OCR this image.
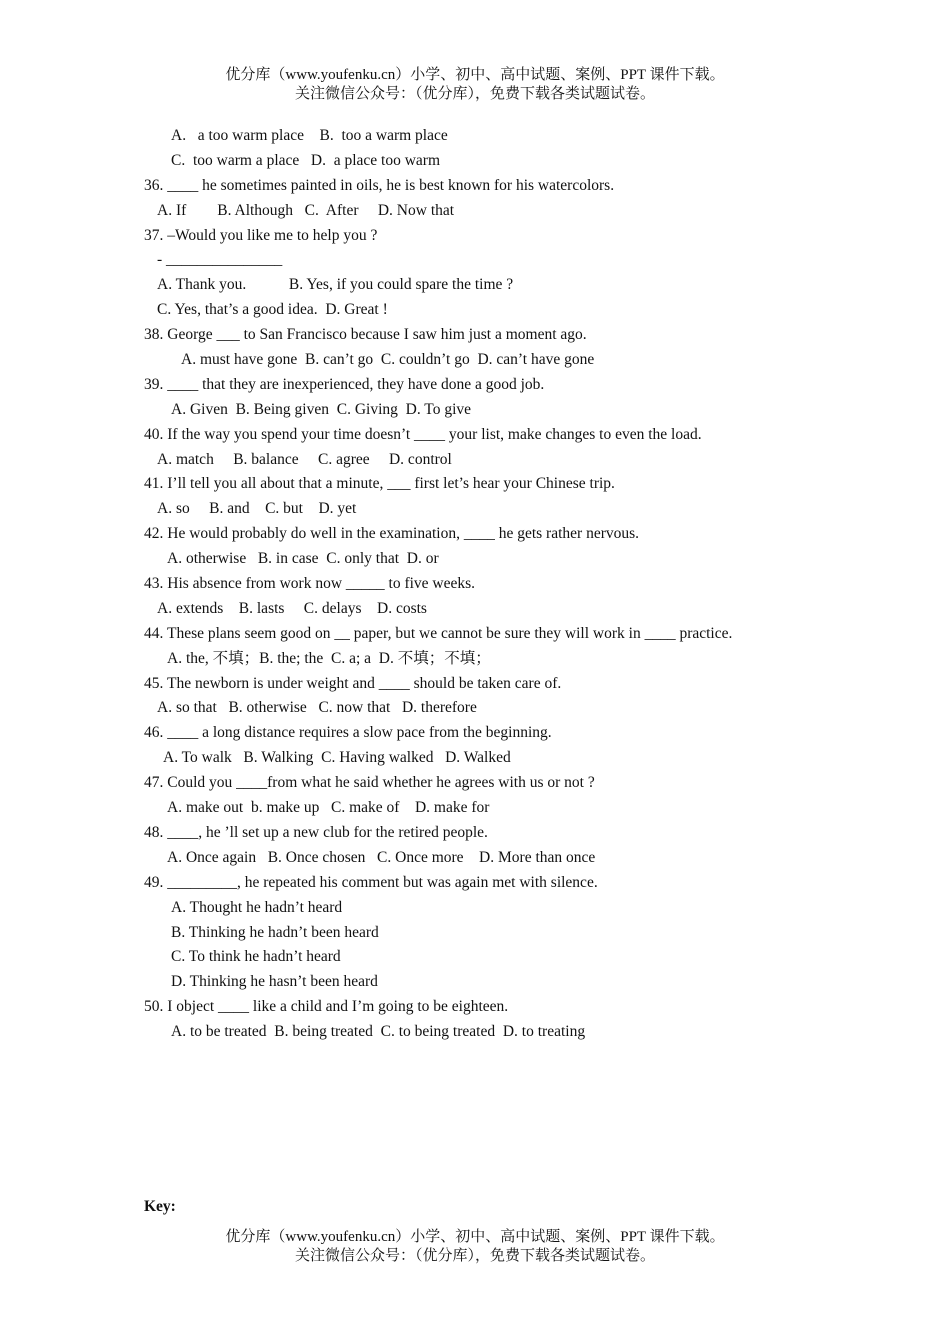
优分库（www.youfenku.cn）小学、初中、高中试题、案例、PPT 课件下载。
关注微信公众号：（优分库），免费下载各类试题试卷。
A.   a too warm place    B.  too a warm place
C.  too warm a place   D.  a place too warm
36. ____ he sometimes painted in oils, he is best known for his watercolors.
A. If        B. Although   C.  After     D. Now that
37. –Would you like me to help you ?
- _______________
A. Thank you.           B. Yes, if you could spare the time ?
C. Yes, that’s a good idea.  D. Great !
38. George ___ to San Francisco because I saw him just a moment ago.
A. must have gone  B. can’t go  C. couldn’t go  D. can’t have gone
39. ____ that they are inexperienced, they have done a good job.
A. Given  B. Being given  C. Giving  D. To give
40. If the way you spend your time doesn’t ____ your list, make changes to even the load.
A. match     B. balance     C. agree     D. control
41. I’ll tell you all about that a minute, ___ first let’s hear your Chinese trip.
A. so     B. and    C. but    D. yet
42. He would probably do well in the examination, ____ he gets rather nervous.
A. otherwise   B. in case  C. only that  D. or
43. His absence from work now _____ to five weeks.
A. extends    B. lasts     C. delays    D. costs
44. These plans seem good on __ paper, but we cannot be sure they will work in ____ practice.
A. the, 不填；B. the; the  C. a; a  D. 不填；不填；
45. The newborn is under weight and ____ should be taken care of.
A. so that   B. otherwise   C. now that   D. therefore
46. ____ a long distance requires a slow pace from the beginning.
A. To walk   B. Walking  C. Having walked   D. Walked
47. Could you ____from what he said whether he agrees with us or not ?
A. make out  b. make up   C. make of    D. make for
48. ____, he ’ll set up a new club for the retired people.
A. Once again   B. Once chosen   C. Once more    D. More than once
49. _________, he repeated his comment but was again met with silence.
A. Thought he hadn’t heard
B. Thinking he hadn’t been heard
C. To think he hadn’t heard
D. Thinking he hasn’t been heard
50. I object ____ like a child and I’m going to be eighteen.
A. to be treated  B. being treated  C. to being treated  D. to treating
Key:
优分库（www.youfenku.cn）小学、初中、高中试题、案例、PPT 课件下载。
关注微信公众号：（优分库），免费下载各类试题试卷。
